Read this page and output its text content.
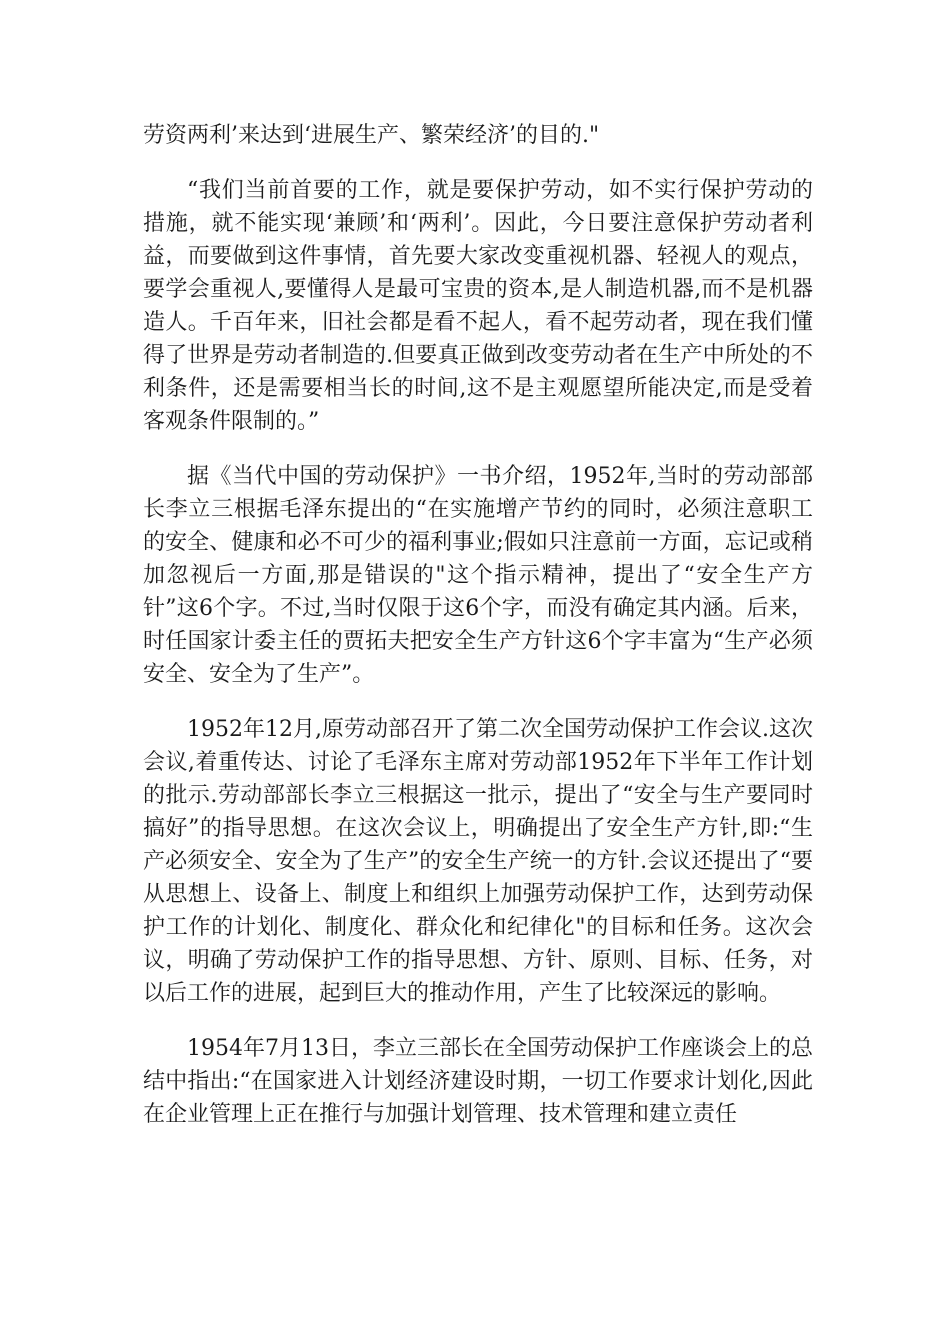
劳资两利’来达到‘进展生产、繁荣经济’的目的."

“我们当前首要的工作，就是要保护劳动，如不实行保护劳动的措施，就不能实现‘兼顾’和‘两利’。因此，今日要注意保护劳动者利益，而要做到这件事情，首先要大家改变重视机器、轻视人的观点，要学会重视人,要懂得人是最可宝贵的资本,是人制造机器,而不是机器造人。千百年来，旧社会都是看不起人，看不起劳动者，现在我们懂得了世界是劳动者制造的.但要真正做到改变劳动者在生产中所处的不利条件，还是需要相当长的时间,这不是主观愿望所能决定,而是受着客观条件限制的。”

据《当代中国的劳动保护》一书介绍，1952年,当时的劳动部部长李立三根据毛泽东提出的“在实施增产节约的同时，必须注意职工的安全、健康和必不可少的福利事业;假如只注意前一方面，忘记或稍加忽视后一方面,那是错误的"这个指示精神，提出了“安全生产方针”这6个字。不过,当时仅限于这6个字，而没有确定其内涵。后来，时任国家计委主任的贾拓夫把安全生产方针这6个字丰富为“生产必须安全、安全为了生产”。

1952年12月,原劳动部召开了第二次全国劳动保护工作会议.这次会议,着重传达、讨论了毛泽东主席对劳动部1952年下半年工作计划的批示.劳动部部长李立三根据这一批示，提出了“安全与生产要同时搞好”的指导思想。在这次会议上，明确提出了安全生产方针,即:“生产必须安全、安全为了生产”的安全生产统一的方针.会议还提出了“要从思想上、设备上、制度上和组织上加强劳动保护工作，达到劳动保护工作的计划化、制度化、群众化和纪律化"的目标和任务。这次会议，明确了劳动保护工作的指导思想、方针、原则、目标、任务，对以后工作的进展，起到巨大的推动作用，产生了比较深远的影响。

1954年7月13日，李立三部长在全国劳动保护工作座谈会上的总结中指出:“在国家进入计划经济建设时期，一切工作要求计划化,因此在企业管理上正在推行与加强计划管理、技术管理和建立责任
